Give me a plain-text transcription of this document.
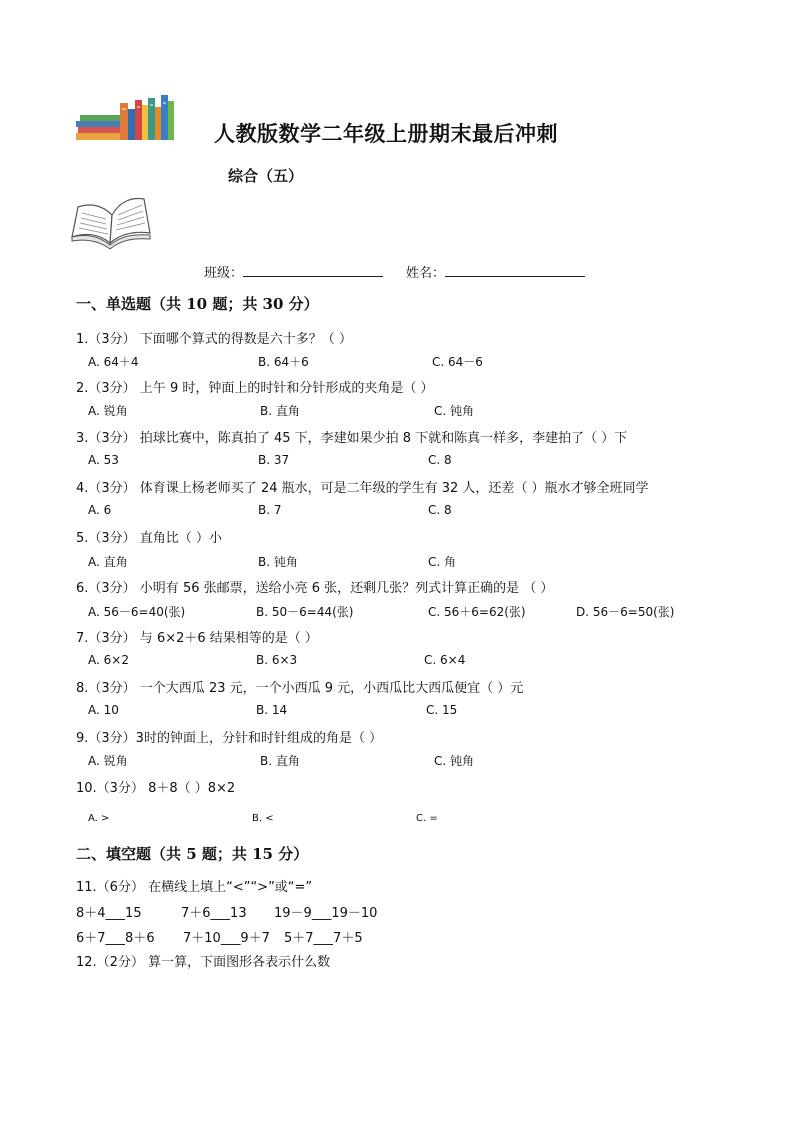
人教版数学二年级上册期末最后冲刺
综合（五）
班级：	姓名：
一、单选题（共 10 题；共 30 分）
1.（3分） 下面哪个算式的得数是六十多？（ ）
A. 64＋4	B. 64＋6	C. 64－6
2.（3分） 上午 9 时，钟面上的时针和分针形成的夹角是（ ）
A. 锐角	B. 直角	C. 钝角
3.（3分） 拍球比赛中，陈真拍了 45 下，李建如果少拍 8 下就和陈真一样多，李建拍了（ ）下
A. 53	B. 37	C. 8
4.（3分） 体育课上杨老师买了 24 瓶水，可是二年级的学生有 32 人，还差（ ）瓶水才够全班同学
A. 6	B. 7	C. 8
5.（3分） 直角比（ ）小
A. 直角	B. 钝角	C. 角
6.（3分） 小明有 56 张邮票，送给小亮 6 张，还剩几张？列式计算正确的是 （ ）
A. 56－6=40(张)	B. 50－6=44(张)	C. 56＋6=62(张)	D. 56－6=50(张)
7.（3分） 与 6×2＋6 结果相等的是（ ）
A. 6×2	B. 6×3	C. 6×4
8.（3分） 一个大西瓜 23 元，一个小西瓜 9 元，小西瓜比大西瓜便宜（ ）元
A. 10	B. 14	C. 15
9.（3分）3时的钟面上，分针和时针组成的角是（ ）
A. 锐角	B. 直角	C. 钝角
10.（3分） 8＋8（ ）8×2
A. >	B. <	C. =
二、填空题（共 5 题；共 15 分）
11.（6分） 在横线上填上“<”“>”或“=”
8＋4___15	7＋6___13 19－9___19－10
6＋7___8＋6 7＋10___9＋7 5＋7___7＋5
12.（2分） 算一算，下面图形各表示什么数
